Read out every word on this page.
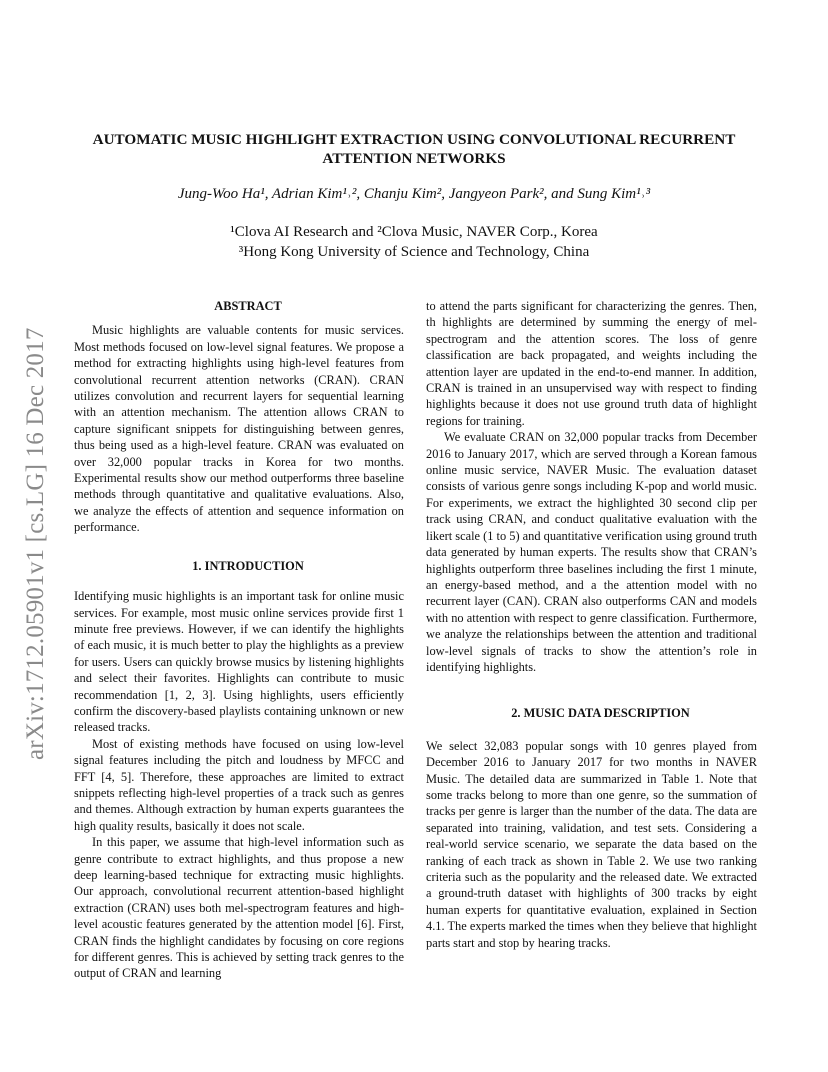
arXiv:1712.05901v1 [cs.LG] 16 Dec 2017
AUTOMATIC MUSIC HIGHLIGHT EXTRACTION USING CONVOLUTIONAL RECURRENT
ATTENTION NETWORKS
Jung-Woo Ha¹, Adrian Kim¹˒², Chanju Kim², Jangyeon Park², and Sung Kim¹˒³
¹Clova AI Research and ²Clova Music, NAVER Corp., Korea
³Hong Kong University of Science and Technology, China

ABSTRACT

Music highlights are valuable contents for music services. Most methods focused on low-level signal features. We propose a method for extracting highlights using high-level features from convolutional recurrent attention networks (CRAN). CRAN utilizes convolution and recurrent layers for sequential learning with an attention mechanism. The attention allows CRAN to capture significant snippets for distinguishing between genres, thus being used as a high-level feature. CRAN was evaluated on over 32,000 popular tracks in Korea for two months. Experimental results show our method outperforms three baseline methods through quantitative and qualitative evaluations. Also, we analyze the effects of attention and sequence information on performance.

1. INTRODUCTION

Identifying music highlights is an important task for online music services. For example, most music online services provide first 1 minute free previews. However, if we can identify the highlights of each music, it is much better to play the highlights as a preview for users. Users can quickly browse musics by listening highlights and select their favorites. Highlights can contribute to music recommendation [1, 2, 3]. Using highlights, users efficiently confirm the discovery-based playlists containing unknown or new released tracks.

Most of existing methods have focused on using low-level signal features including the pitch and loudness by MFCC and FFT [4, 5]. Therefore, these approaches are limited to extract snippets reflecting high-level properties of a track such as genres and themes. Although extraction by human experts guarantees the high quality results, basically it does not scale.

In this paper, we assume that high-level information such as genre contribute to extract highlights, and thus propose a new deep learning-based technique for extracting music highlights. Our approach, convolutional recurrent attention-based highlight extraction (CRAN) uses both mel-spectrogram features and high-level acoustic features generated by the attention model [6]. First, CRAN finds the highlight candidates by focusing on core regions for different genres. This is achieved by setting track genres to the output of CRAN and learning

to attend the parts significant for characterizing the genres. Then, th highlights are determined by summing the energy of mel-spectrogram and the attention scores. The loss of genre classification are back propagated, and weights including the attention layer are updated in the end-to-end manner. In addition, CRAN is trained in an unsupervised way with respect to finding highlights because it does not use ground truth data of highlight regions for training.

We evaluate CRAN on 32,000 popular tracks from December 2016 to January 2017, which are served through a Korean famous online music service, NAVER Music. The evaluation dataset consists of various genre songs including K-pop and world music. For experiments, we extract the highlighted 30 second clip per track using CRAN, and conduct qualitative evaluation with the likert scale (1 to 5) and quantitative verification using ground truth data generated by human experts. The results show that CRAN’s highlights outperform three baselines including the first 1 minute, an energy-based method, and a the attention model with no recurrent layer (CAN). CRAN also outperforms CAN and models with no attention with respect to genre classification. Furthermore, we analyze the relationships between the attention and traditional low-level signals of tracks to show the attention’s role in identifying highlights.

2. MUSIC DATA DESCRIPTION

We select 32,083 popular songs with 10 genres played from December 2016 to January 2017 for two months in NAVER Music. The detailed data are summarized in Table 1. Note that some tracks belong to more than one genre, so the summation of tracks per genre is larger than the number of the data. The data are separated into training, validation, and test sets. Considering a real-world service scenario, we separate the data based on the ranking of each track as shown in Table 2. We use two ranking criteria such as the popularity and the released date. We extracted a ground-truth dataset with highlights of 300 tracks by eight human experts for quantitative evaluation, explained in Section 4.1. The experts marked the times when they believe that highlight parts start and stop by hearing tracks.
